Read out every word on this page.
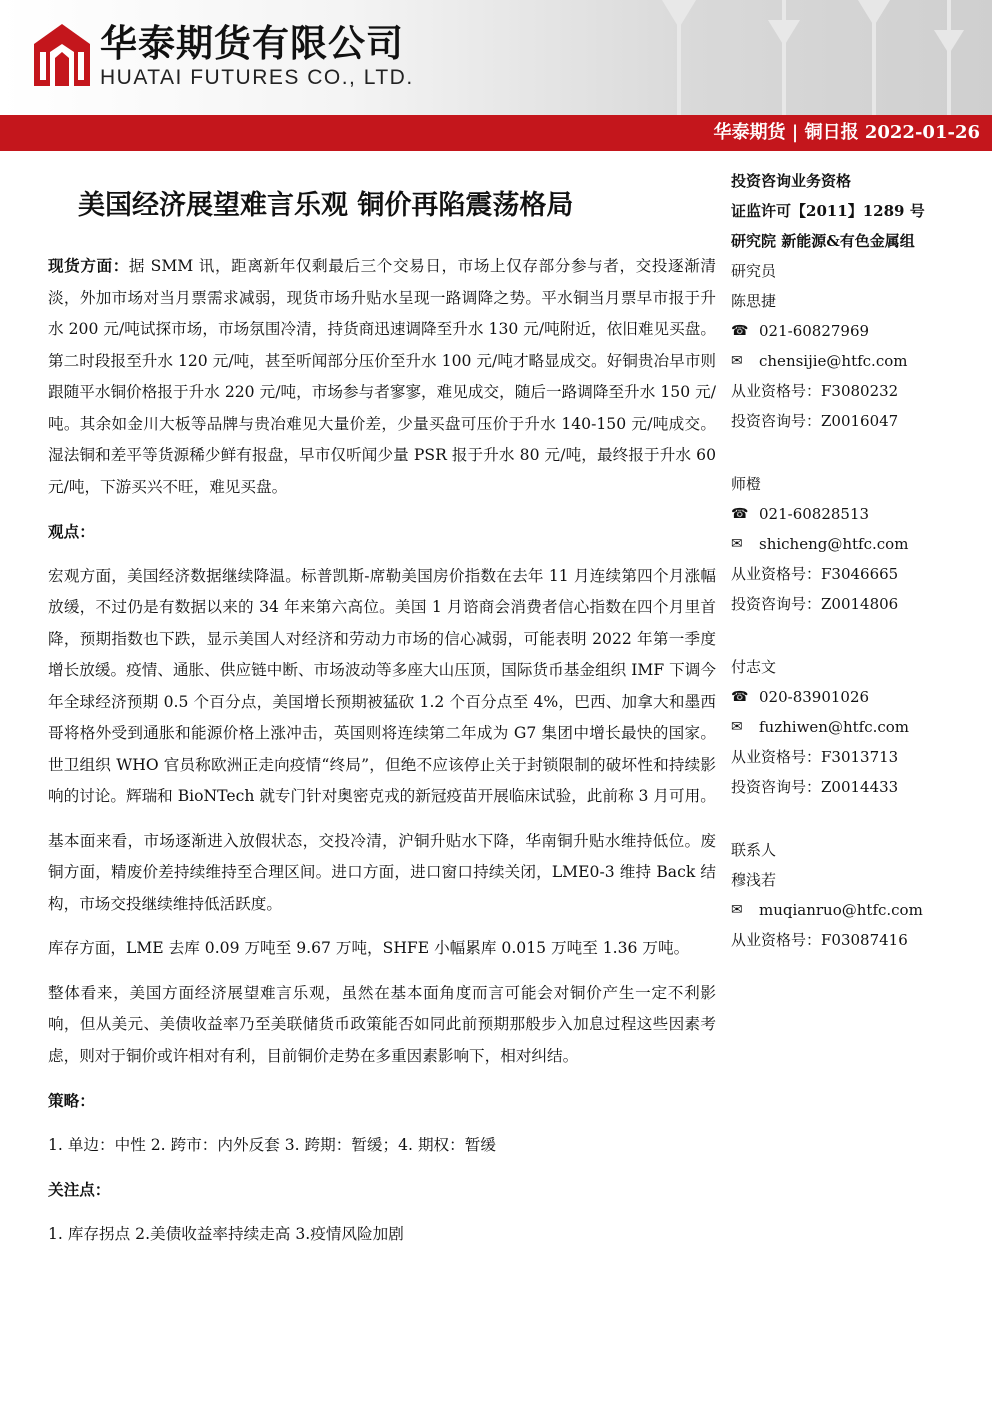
华泰期货有限公司
HUATAI FUTURES CO., LTD.
华泰期货 | 铜日报 2022-01-26
美国经济展望难言乐观 铜价再陷震荡格局

现货方面：据 SMM 讯，距离新年仅剩最后三个交易日，市场上仅存部分参与者，交投逐渐清淡，外加市场对当月票需求减弱，现货市场升贴水呈现一路调降之势。平水铜当月票早市报于升水 200 元/吨试探市场，市场氛围冷清，持货商迅速调降至升水 130 元/吨附近，依旧难见买盘。第二时段报至升水 120 元/吨，甚至听闻部分压价至升水 100 元/吨才略显成交。好铜贵冶早市则跟随平水铜价格报于升水 220 元/吨，市场参与者寥寥，难见成交，随后一路调降至升水 150 元/吨。其余如金川大板等品牌与贵冶难见大量价差，少量买盘可压价于升水 140-150 元/吨成交。湿法铜和差平等货源稀少鲜有报盘，早市仅听闻少量 PSR 报于升水 80 元/吨，最终报于升水 60 元/吨，下游买兴不旺，难见买盘。

观点：

宏观方面，美国经济数据继续降温。标普凯斯-席勒美国房价指数在去年 11 月连续第四个月涨幅放缓，不过仍是有数据以来的 34 年来第六高位。美国 1 月谘商会消费者信心指数在四个月里首降，预期指数也下跌，显示美国人对经济和劳动力市场的信心减弱，可能表明 2022 年第一季度增长放缓。疫情、通胀、供应链中断、市场波动等多座大山压顶，国际货币基金组织 IMF 下调今年全球经济预期 0.5 个百分点，美国增长预期被猛砍 1.2 个百分点至 4%，巴西、加拿大和墨西哥将格外受到通胀和能源价格上涨冲击，英国则将连续第二年成为 G7 集团中增长最快的国家。世卫组织 WHO 官员称欧洲正走向疫情“终局”，但绝不应该停止关于封锁限制的破坏性和持续影响的讨论。辉瑞和 BioNTech 就专门针对奥密克戎的新冠疫苗开展临床试验，此前称 3 月可用。

基本面来看，市场逐渐进入放假状态，交投冷清，沪铜升贴水下降，华南铜升贴水维持低位。废铜方面，精废价差持续维持至合理区间。进口方面，进口窗口持续关闭，LME0-3 维持 Back 结构，市场交投继续维持低活跃度。

库存方面，LME 去库 0.09 万吨至 9.67 万吨，SHFE 小幅累库 0.015 万吨至 1.36 万吨。

整体看来，美国方面经济展望难言乐观，虽然在基本面角度而言可能会对铜价产生一定不利影响，但从美元、美债收益率乃至美联储货币政策能否如同此前预期那般步入加息过程这些因素考虑，则对于铜价或许相对有利，目前铜价走势在多重因素影响下，相对纠结。

策略：

1. 单边：中性 2. 跨市：内外反套 3. 跨期：暂缓；4. 期权：暂缓

关注点：

1. 库存拐点 2.美债收益率持续走高 3.疫情风险加剧

投资咨询业务资格
证监许可【2011】1289 号
研究院 新能源&有色金属组
研究员
陈思捷
☎ 021-60827969
✉	chensijie@htfc.com
从业资格号：F3080232
投资咨询号：Z0016047
师橙
☎ 021-60828513
✉	shicheng@htfc.com
从业资格号：F3046665
投资咨询号：Z0014806
付志文
☎ 020-83901026
✉	fuzhiwen@htfc.com
从业资格号：F3013713
投资咨询号：Z0014433
联系人
穆浅若
✉	muqianruo@htfc.com
从业资格号：F03087416
